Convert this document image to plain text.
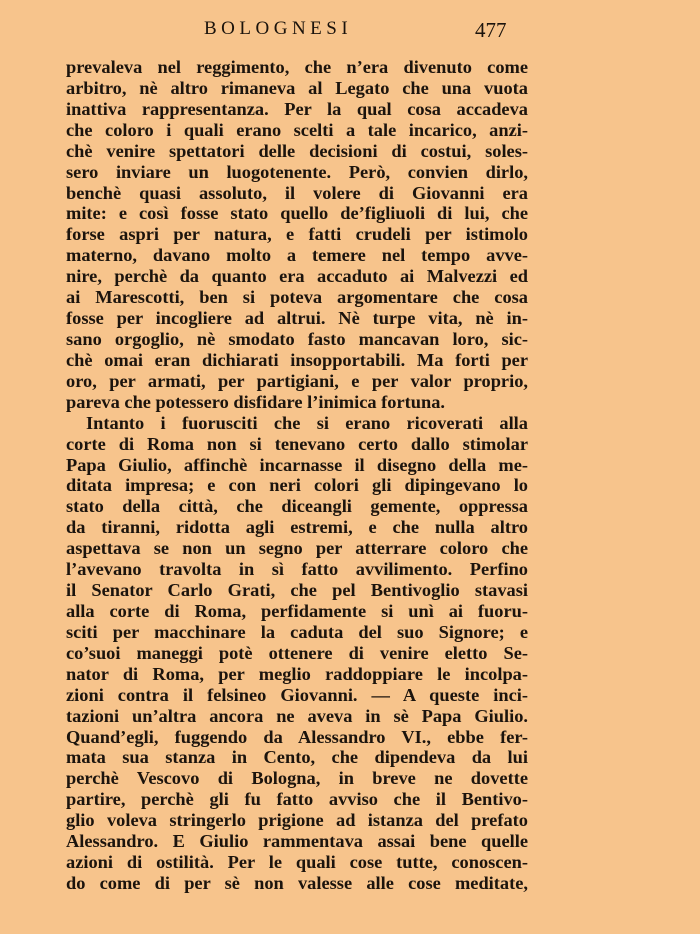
BOLOGNESI	477
prevaleva nel reggimento, che n’era divenuto come
arbitro, nè altro rimaneva al Legato che una vuota
inattiva rappresentanza. Per la qual cosa accadeva
che coloro i quali erano scelti a tale incarico, anzi-
chè venire spettatori delle decisioni di costui, soles-
sero inviare un luogotenente. Però, convien dirlo,
benchè quasi assoluto, il volere di Giovanni era
mite: e così fosse stato quello de’figliuoli di lui, che
forse aspri per natura, e fatti crudeli per istimolo
materno, davano molto a temere nel tempo avve-
nire, perchè da quanto era accaduto ai Malvezzi ed
ai Marescotti, ben si poteva argomentare che cosa
fosse per incogliere ad altrui. Nè turpe vita, nè in-
sano orgoglio, nè smodato fasto mancavan loro, sic-
chè omai eran dichiarati insopportabili. Ma forti per
oro, per armati, per partigiani, e per valor proprio,
pareva che potessero disfidare l’inimica fortuna.
Intanto i fuorusciti che si erano ricoverati alla
corte di Roma non si tenevano certo dallo stimolar
Papa Giulio, affinchè incarnasse il disegno della me-
ditata impresa; e con neri colori gli dipingevano lo
stato della città, che diceangli gemente, oppressa
da tiranni, ridotta agli estremi, e che nulla altro
aspettava se non un segno per atterrare coloro che
l’avevano travolta in sì fatto avvilimento. Perfino
il Senator Carlo Grati, che pel Bentivoglio stavasi
alla corte di Roma, perfidamente si unì ai fuoru-
sciti per macchinare la caduta del suo Signore; e
co’suoi maneggi potè ottenere di venire eletto Se-
nator di Roma, per meglio raddoppiare le incolpa-
zioni contra il felsineo Giovanni. — A queste inci-
tazioni un’altra ancora ne aveva in sè Papa Giulio.
Quand’egli, fuggendo da Alessandro VI., ebbe fer-
mata sua stanza in Cento, che dipendeva da lui
perchè Vescovo di Bologna, in breve ne dovette
partire, perchè gli fu fatto avviso che il Bentivo-
glio voleva stringerlo prigione ad istanza del prefato
Alessandro. E Giulio rammentava assai bene quelle
azioni di ostilità. Per le quali cose tutte, conoscen-
do come di per sè non valesse alle cose meditate,
